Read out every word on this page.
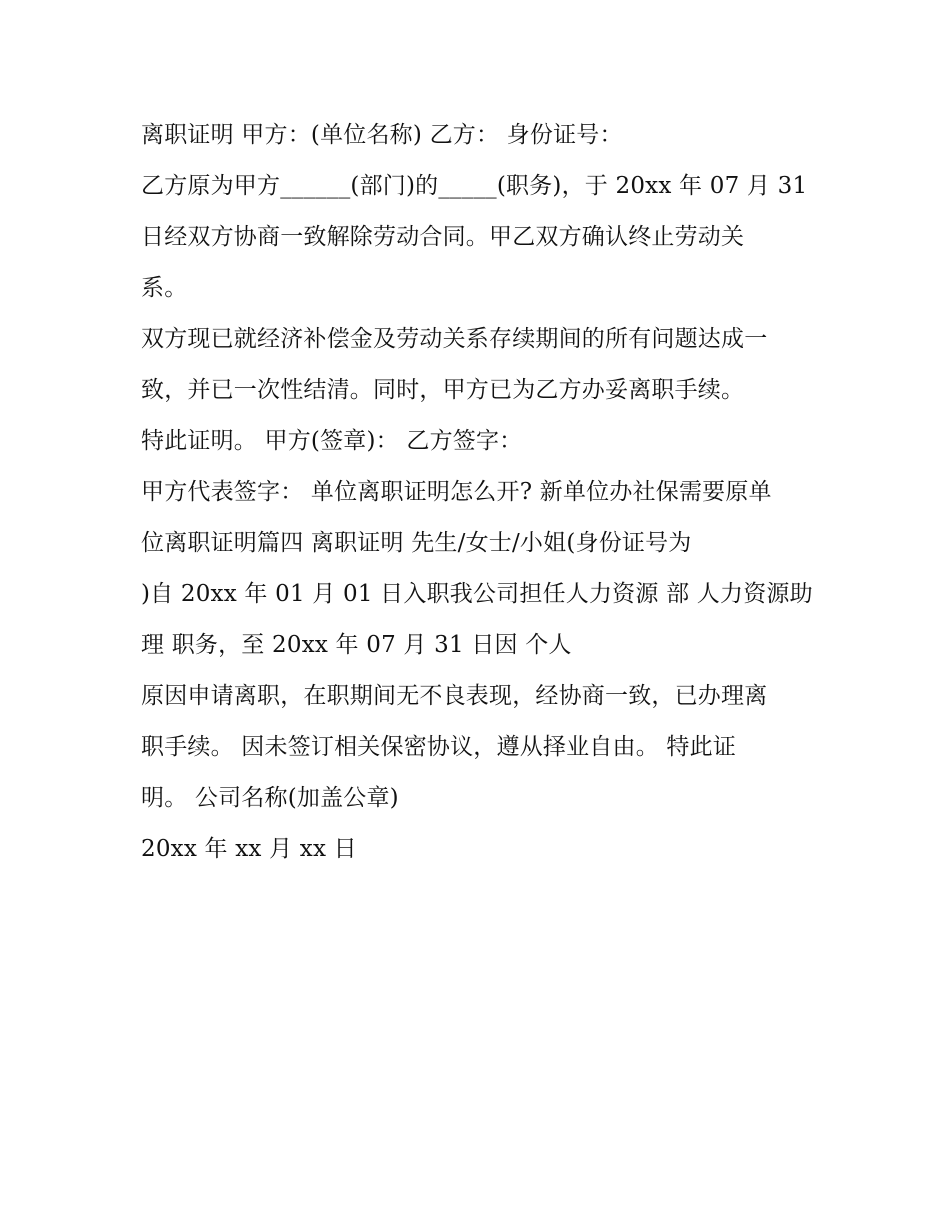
离职证明 甲方：(单位名称) 乙方： 身份证号：
乙方原为甲方______(部门)的_____(职务)，于 20xx 年 07 月 31
日经双方协商一致解除劳动合同。甲乙双方确认终止劳动关
系。
双方现已就经济补偿金及劳动关系存续期间的所有问题达成一
致，并已一次性结清。同时，甲方已为乙方办妥离职手续。
特此证明。 甲方(签章)： 乙方签字：
甲方代表签字： 单位离职证明怎么开? 新单位办社保需要原单
位离职证明篇四 离职证明 先生/女士/小姐(身份证号为
)自 20xx 年 01 月 01 日入职我公司担任人力资源 部 人力资源助
理 职务，至 20xx 年 07 月 31 日因 个人
原因申请离职，在职期间无不良表现，经协商一致，已办理离
职手续。 因未签订相关保密协议，遵从择业自由。 特此证
明。 公司名称(加盖公章)
20xx 年 xx 月 xx 日
